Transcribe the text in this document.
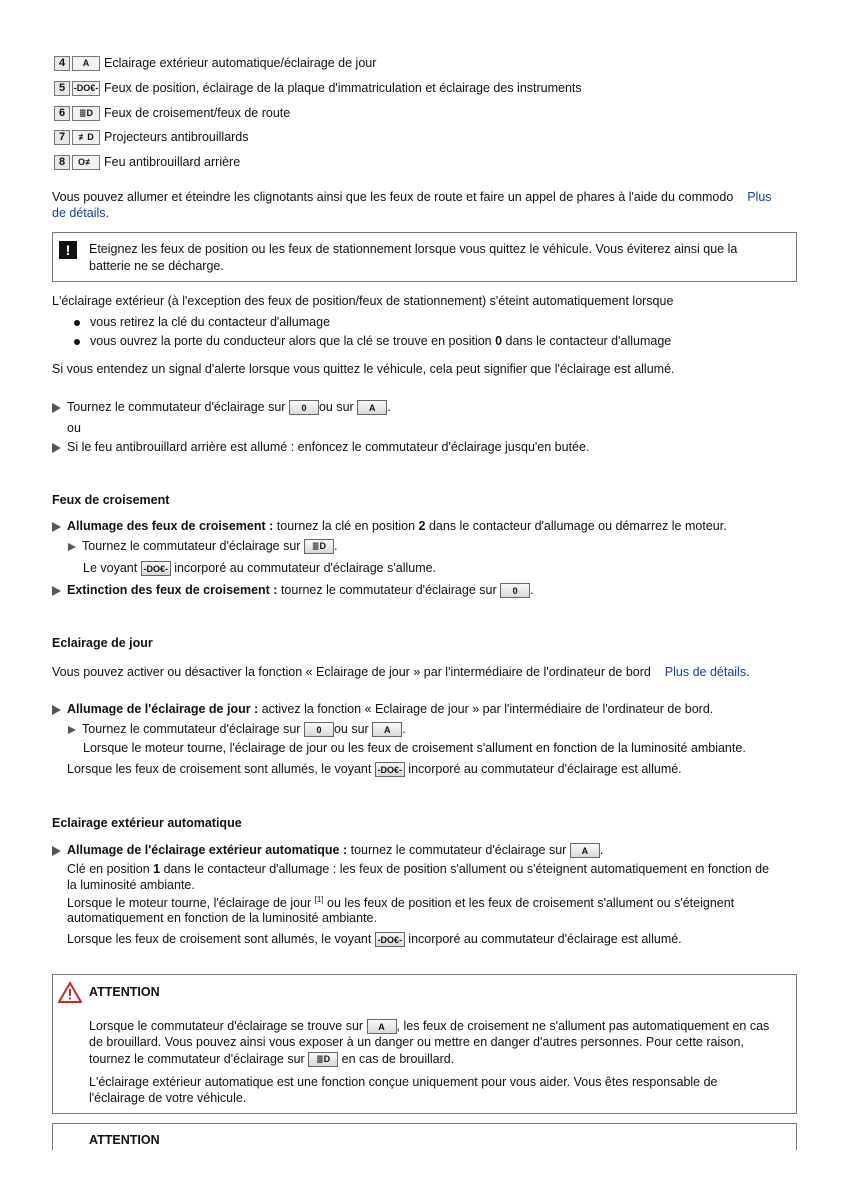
4	A	Eclairage extérieur automatique/éclairage de jour
5 -DO€- Feux de position, éclairage de la plaque d'immatriculation et éclairage des instruments
6	≣D Feux de croisement/feux de route
7	≢D Projecteurs antibrouillards
8	O≢ Feu antibrouillard arrière
Vous pouvez allumer et éteindre les clignotants ainsi que les feux de route et faire un appel de phares à l'aide du commodo Plus
de détails.
!	Eteignez les feux de position ou les feux de stationnement lorsque vous quittez le véhicule. Vous éviterez ainsi que la
batterie ne se décharge.
L'éclairage extérieur (à l'exception des feux de position/feux de stationnement) s'éteint automatiquement lorsque
vous retirez la clé du contacteur d'allumage
vous ouvrez la porte du conducteur alors que la clé se trouve en position 0 dans le contacteur d'allumage
Si vous entendez un signal d'alerte lorsque vous quittez le véhicule, cela peut signifier que l'éclairage est allumé.
Tournez le commutateur d'éclairage sur 0 ou sur A .
ou
Si le feu antibrouillard arrière est allumé : enfoncez le commutateur d'éclairage jusqu'en butée.
Feux de croisement
Allumage des feux de croisement : tournez la clé en position 2 dans le contacteur d'allumage ou démarrez le moteur.
Tournez le commutateur d'éclairage sur ≣D .
Le voyant -DO€- incorporé au commutateur d'éclairage s'allume.
Extinction des feux de croisement : tournez le commutateur d'éclairage sur 0 .
Eclairage de jour
Vous pouvez activer ou désactiver la fonction « Eclairage de jour » par l'intermédiaire de l'ordinateur de bord Plus de détails.
Allumage de l'éclairage de jour : activez la fonction « Eclairage de jour » par l'intermédiaire de l'ordinateur de bord.
Tournez le commutateur d'éclairage sur 0 ou sur A .
Lorsque le moteur tourne, l'éclairage de jour ou les feux de croisement s'allument en fonction de la luminosité ambiante.
Lorsque les feux de croisement sont allumés, le voyant -DO€- incorporé au commutateur d'éclairage est allumé.
Eclairage extérieur automatique
Allumage de l'éclairage extérieur automatique : tournez le commutateur d'éclairage sur A .
Clé en position 1 dans le contacteur d'allumage : les feux de position s'allument ou s'éteignent automatiquement en fonction de
la luminosité ambiante.
Lorsque le moteur tourne, l'éclairage de jour [1] ou les feux de position et les feux de croisement s'allument ou s'éteignent
automatiquement en fonction de la luminosité ambiante.
Lorsque les feux de croisement sont allumés, le voyant -DO€- incorporé au commutateur d'éclairage est allumé.
ATTENTION
Lorsque le commutateur d'éclairage se trouve sur A , les feux de croisement ne s'allument pas automatiquement en cas
de brouillard. Vous pouvez ainsi vous exposer à un danger ou mettre en danger d'autres personnes. Pour cette raison,
tournez le commutateur d'éclairage sur ≣D en cas de brouillard.
L'éclairage extérieur automatique est une fonction conçue uniquement pour vous aider. Vous êtes responsable de
l'éclairage de votre véhicule.
ATTENTION
